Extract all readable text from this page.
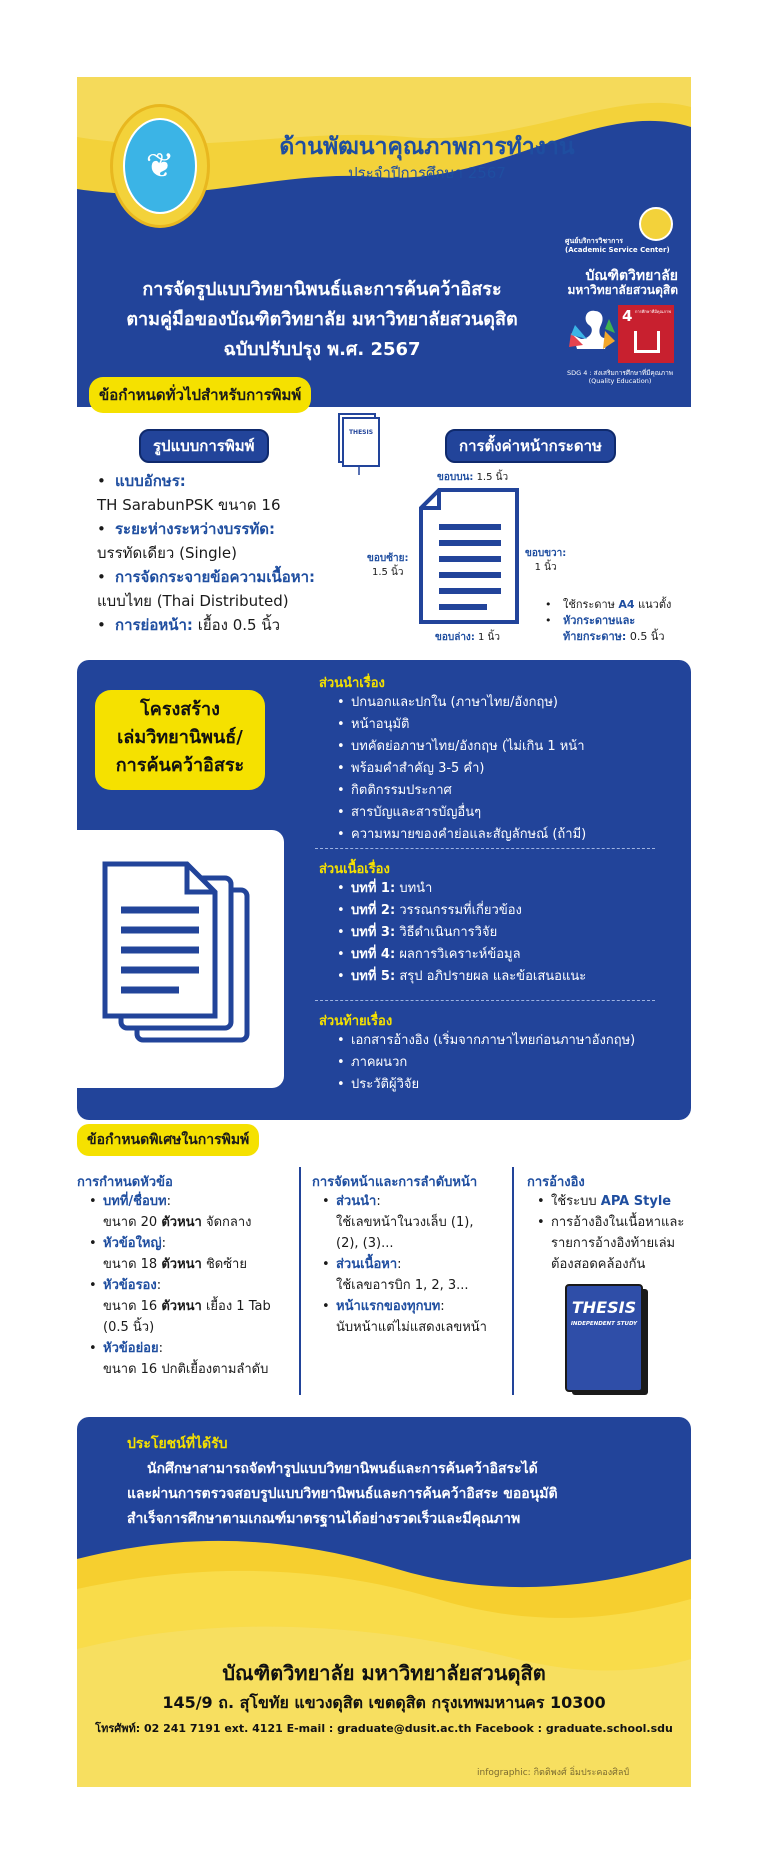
❦	ด้านพัฒนาคุณภาพการทำงาน
ประจำปีการศึกษา 2567
ศูนย์บริการวิชาการ
(Academic Service Center)
บัณฑิตวิทยาลัย
มหาวิทยาลัยสวนดุสิต
4 การศึกษาที่มีคุณภาพ
SDG 4 : ส่งเสริมการศึกษาที่มีคุณภาพ
(Quality Education)
การจัดรูปแบบวิทยานิพนธ์และการค้นคว้าอิสระ
ตามคู่มือของบัณฑิตวิทยาลัย มหาวิทยาลัยสวนดุสิต
ฉบับปรับปรุง พ.ศ. 2567
ข้อกำหนดทั่วไปสำหรับการพิมพ์
รูปแบบการพิมพ์
THESIS
• แบบอักษร:
TH SarabunPSK ขนาด 16
• ระยะห่างระหว่างบรรทัด:
บรรทัดเดียว (Single)
• การจัดกระจายข้อความเนื้อหา:
แบบไทย (Thai Distributed)
• การย่อหน้า: เยื้อง 0.5 นิ้ว
การตั้งค่าหน้ากระดาษ
ขอบบน: 1.5 นิ้ว
ขอบซ้าย:
1.5 นิ้ว
ขอบขวา:
1 นิ้ว
ขอบล่าง: 1 นิ้ว
• ใช้กระดาษ A4 แนวตั้ง
• หัวกระดาษและ
ท้ายกระดาษ: 0.5 นิ้ว
โครงสร้าง
เล่มวิทยานิพนธ์/
การค้นคว้าอิสระ
ส่วนนำเรื่อง
• ปกนอกและปกใน (ภาษาไทย/อังกฤษ)
• หน้าอนุมัติ
• บทคัดย่อภาษาไทย/อังกฤษ (ไม่เกิน 1 หน้า
• พร้อมคำสำคัญ 3-5 คำ)
• กิตติกรรมประกาศ
• สารบัญและสารบัญอื่นๆ
• ความหมายของคำย่อและสัญลักษณ์ (ถ้ามี)
ส่วนเนื้อเรื่อง
• บทที่ 1: บทนำ
• บทที่ 2: วรรณกรรมที่เกี่ยวข้อง
• บทที่ 3: วิธีดำเนินการวิจัย
• บทที่ 4: ผลการวิเคราะห์ข้อมูล
• บทที่ 5: สรุป อภิปรายผล และข้อเสนอแนะ
ส่วนท้ายเรื่อง
• เอกสารอ้างอิง (เริ่มจากภาษาไทยก่อนภาษาอังกฤษ)
• ภาคผนวก
• ประวัติผู้วิจัย
ข้อกำหนดพิเศษในการพิมพ์
การกำหนดหัวข้อ
• บทที่/ชื่อบท:
ขนาด 20 ตัวหนา จัดกลาง
• หัวข้อใหญ่:
ขนาด 18 ตัวหนา ชิดซ้าย
• หัวข้อรอง:
ขนาด 16 ตัวหนา เยื้อง 1 Tab
(0.5 นิ้ว)
• หัวข้อย่อย:
ขนาด 16 ปกติเยื้องตามลำดับ
การจัดหน้าและการลำดับหน้า
• ส่วนนำ:
ใช้เลขหน้าในวงเล็บ (1),
(2), (3)...
• ส่วนเนื้อหา:
ใช้เลขอารบิก 1, 2, 3...
• หน้าแรกของทุกบท:
นับหน้าแต่ไม่แสดงเลขหน้า
การอ้างอิง
• ใช้ระบบ APA Style
• การอ้างอิงในเนื้อหาและ
รายการอ้างอิงท้ายเล่ม
ต้องสอดคล้องกัน
THESIS
INDEPENDENT STUDY
ประโยชน์ที่ได้รับ
นักศึกษาสามารถจัดทำรูปแบบวิทยานิพนธ์และการค้นคว้าอิสระได้
และผ่านการตรวจสอบรูปแบบวิทยานิพนธ์และการค้นคว้าอิสระ ขออนุมัติ
สำเร็จการศึกษาตามเกณฑ์มาตรฐานได้อย่างรวดเร็วและมีคุณภาพ
บัณฑิตวิทยาลัย มหาวิทยาลัยสวนดุสิต
145/9 ถ. สุโขทัย แขวงดุสิต เขตดุสิต กรุงเทพมหานคร 10300
โทรศัพท์: 02 241 7191 ext. 4121 E-mail : graduate@dusit.ac.th Facebook : graduate.school.sdu
infographic: กิตติพงศ์ อิ่มประคองศิลป์
